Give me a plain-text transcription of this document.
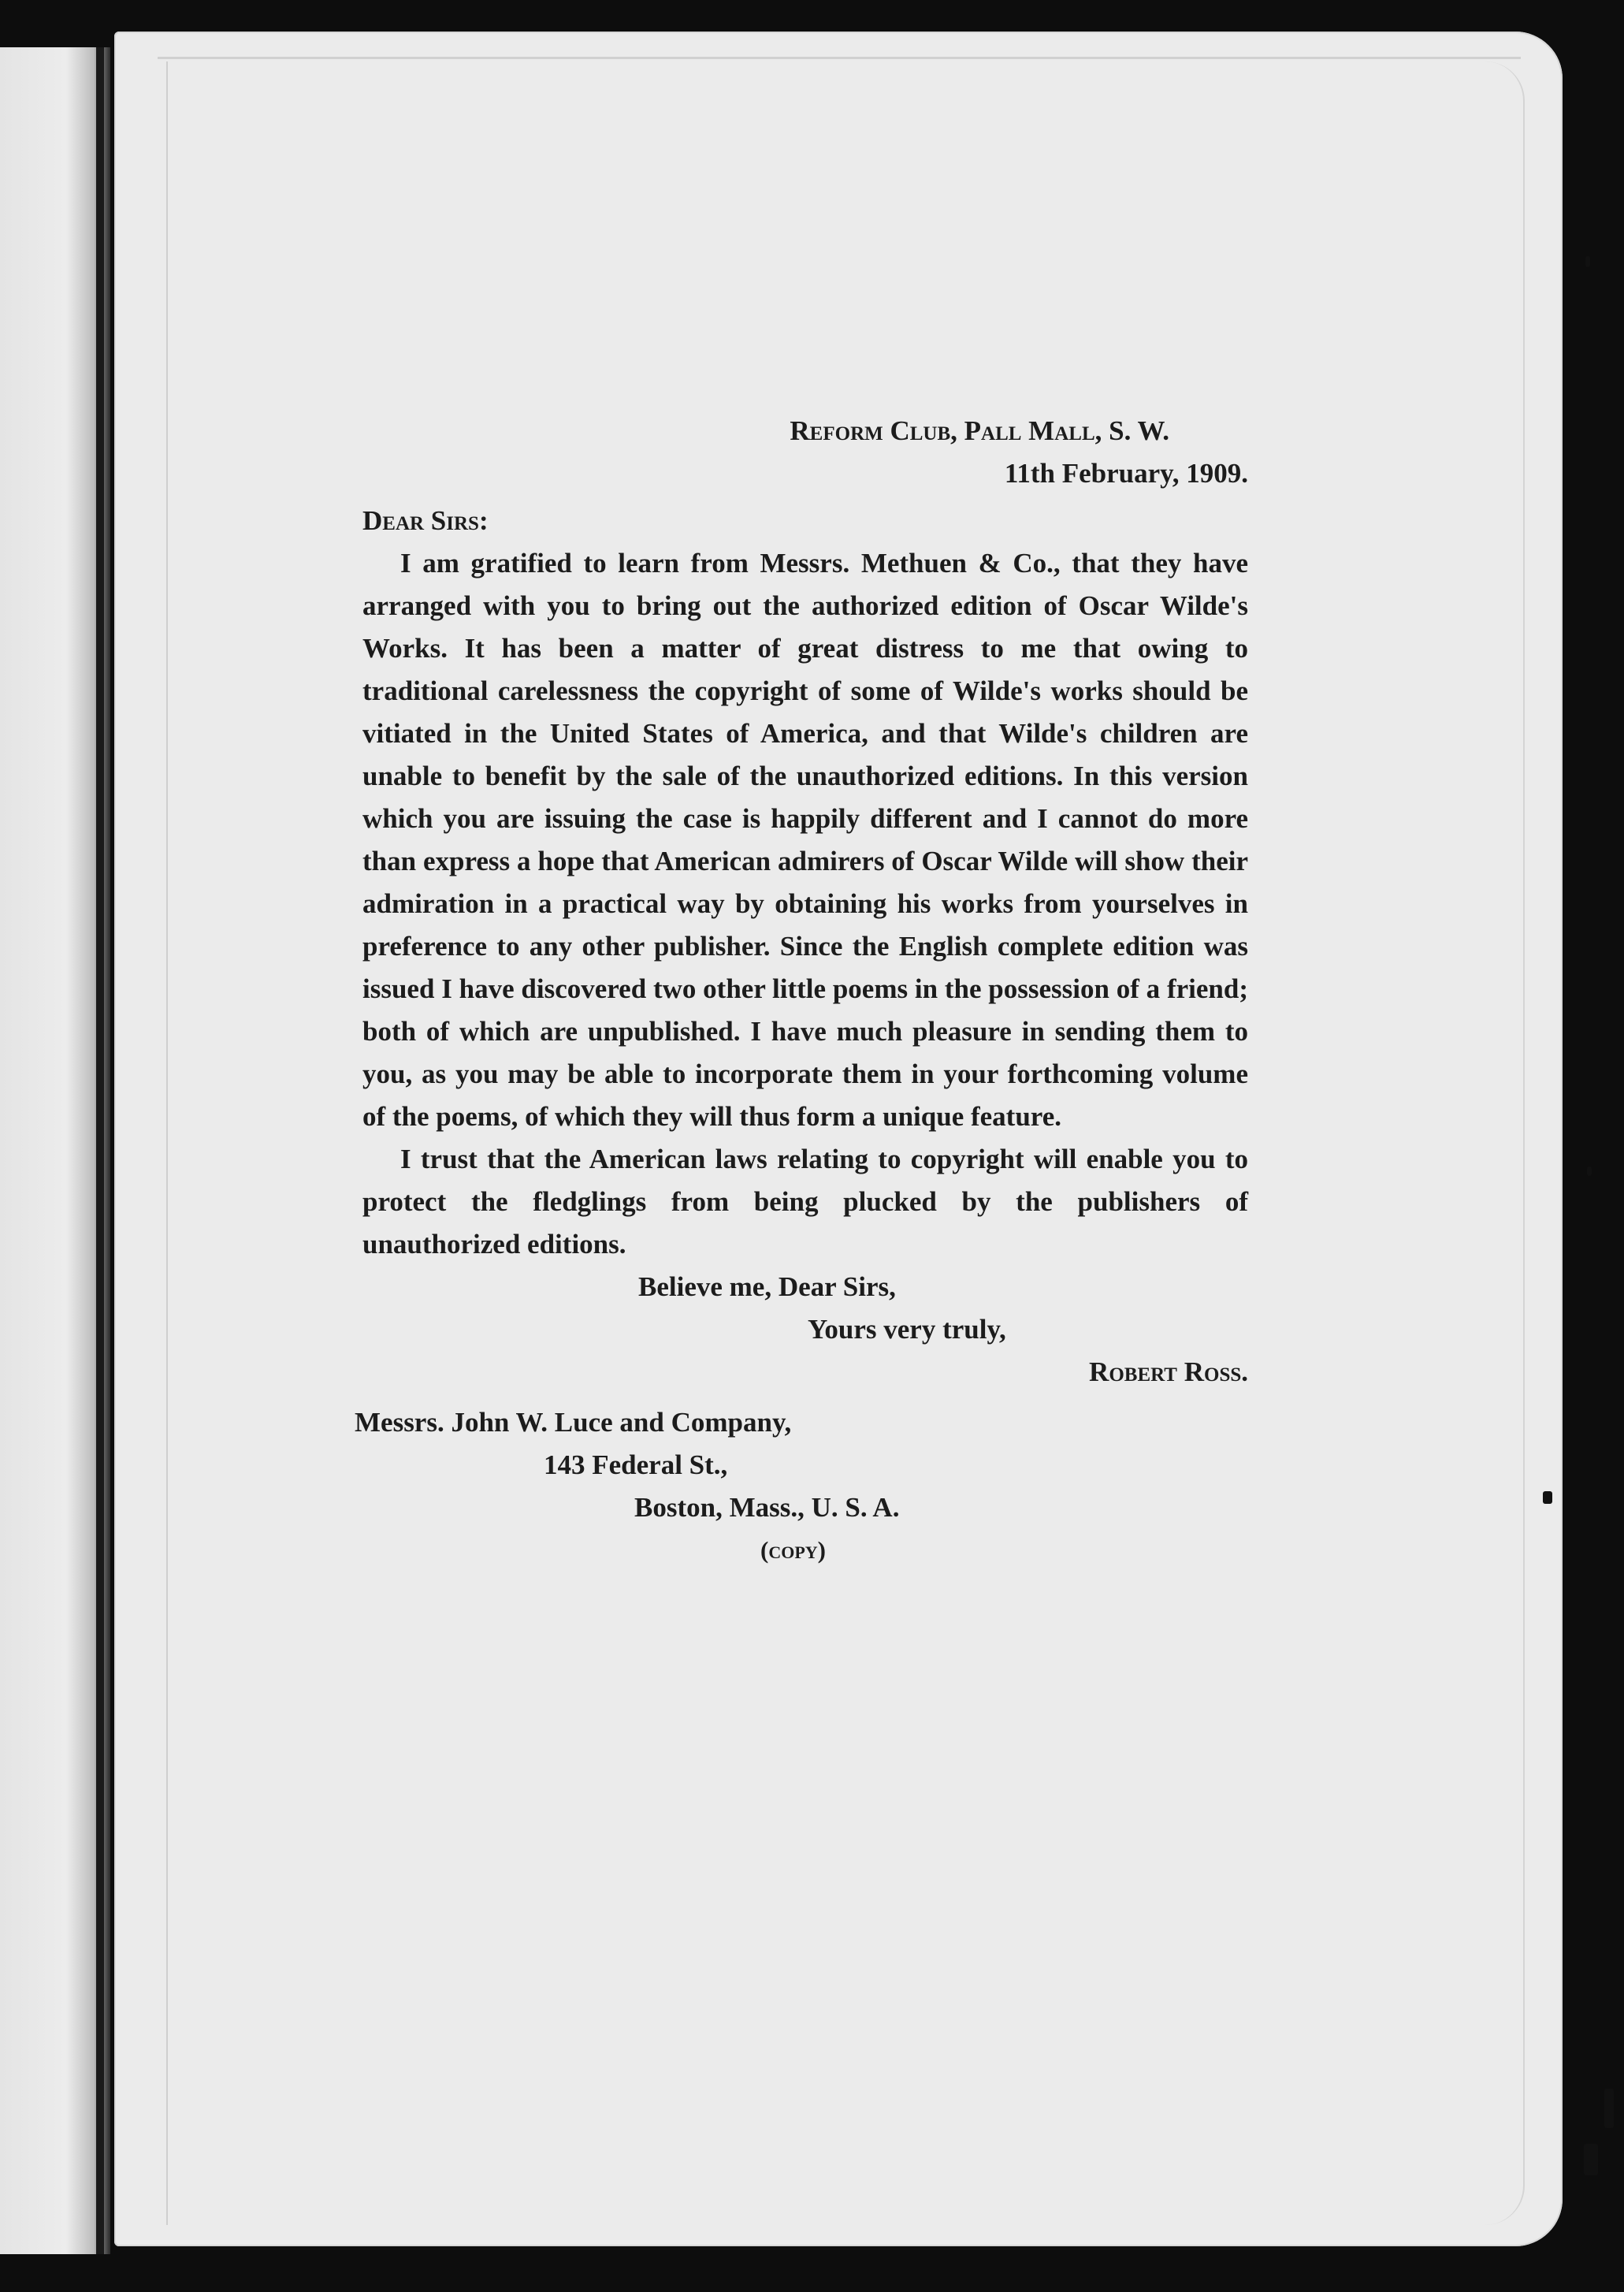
Reform Club, Pall Mall, S. W.
11th February, 1909.
Dear Sirs:

I am gratified to learn from Messrs. Methuen & Co., that they have arranged with you to bring out the authorized edition of Oscar Wilde's Works. It has been a matter of great distress to me that owing to traditional carelessness the copyright of some of Wilde's works should be vitiated in the United States of America, and that Wilde's children are unable to benefit by the sale of the unauthorized editions. In this version which you are issuing the case is happily different and I cannot do more than express a hope that American admirers of Oscar Wilde will show their admiration in a practical way by obtaining his works from yourselves in preference to any other publisher. Since the English complete edition was issued I have discovered two other little poems in the possession of a friend; both of which are unpublished. I have much pleasure in sending them to you, as you may be able to incorporate them in your forthcoming volume of the poems, of which they will thus form a unique feature.

I trust that the American laws relating to copyright will enable you to protect the fledglings from being plucked by the publishers of unauthorized editions.

Believe me, Dear Sirs,
Yours very truly,
Robert Ross.
Messrs. John W. Luce and Company,
143 Federal St.,
Boston, Mass., U. S. A.
(copy)
